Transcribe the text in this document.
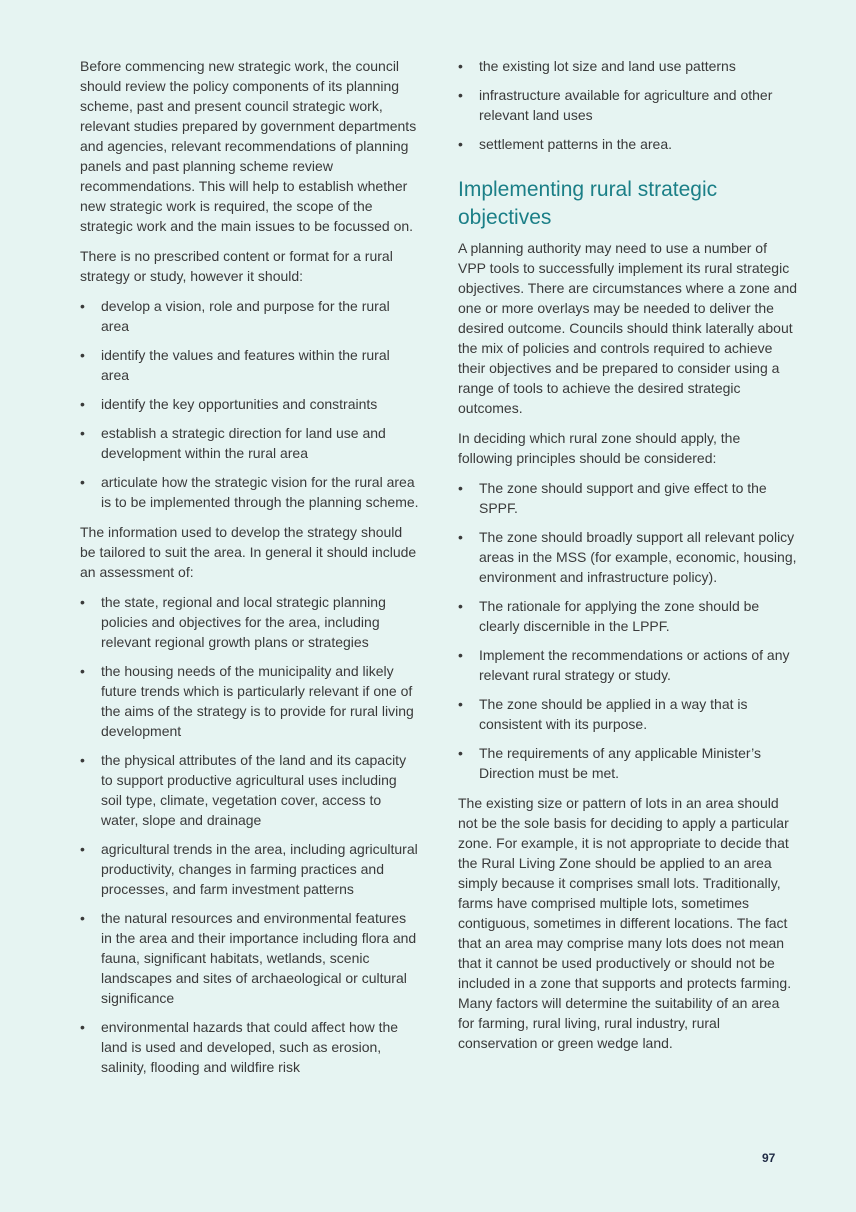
Before commencing new strategic work, the council should review the policy components of its planning scheme, past and present council strategic work, relevant studies prepared by government departments and agencies, relevant recommendations of planning panels and past planning scheme review recommendations. This will help to establish whether new strategic work is required, the scope of the strategic work and the main issues to be focussed on.

There is no prescribed content or format for a rural strategy or study, however it should:

• develop a vision, role and purpose for the rural area
• identify the values and features within the rural area
• identify the key opportunities and constraints
• establish a strategic direction for land use and development within the rural area
• articulate how the strategic vision for the rural area is to be implemented through the planning scheme.

The information used to develop the strategy should be tailored to suit the area. In general it should include an assessment of:

• the state, regional and local strategic planning policies and objectives for the area, including relevant regional growth plans or strategies
• the housing needs of the municipality and likely future trends which is particularly relevant if one of the aims of the strategy is to provide for rural living development
• the physical attributes of the land and its capacity to support productive agricultural uses including soil type, climate, vegetation cover, access to water, slope and drainage
• agricultural trends in the area, including agricultural productivity, changes in farming practices and processes, and farm investment patterns
• the natural resources and environmental features in the area and their importance including flora and fauna, significant habitats, wetlands, scenic landscapes and sites of archaeological or cultural significance
• environmental hazards that could affect how the land is used and developed, such as erosion, salinity, flooding and wildfire risk
• the existing lot size and land use patterns
• infrastructure available for agriculture and other relevant land uses
• settlement patterns in the area.
Implementing rural strategic objectives

A planning authority may need to use a number of VPP tools to successfully implement its rural strategic objectives. There are circumstances where a zone and one or more overlays may be needed to deliver the desired outcome. Councils should think laterally about the mix of policies and controls required to achieve their objectives and be prepared to consider using a range of tools to achieve the desired strategic outcomes.

In deciding which rural zone should apply, the following principles should be considered:

• The zone should support and give effect to the SPPF.
• The zone should broadly support all relevant policy areas in the MSS (for example, economic, housing, environment and infrastructure policy).
• The rationale for applying the zone should be clearly discernible in the LPPF.
• Implement the recommendations or actions of any relevant rural strategy or study.
• The zone should be applied in a way that is consistent with its purpose.
• The requirements of any applicable Minister’s Direction must be met.

The existing size or pattern of lots in an area should not be the sole basis for deciding to apply a particular zone. For example, it is not appropriate to decide that the Rural Living Zone should be applied to an area simply because it comprises small lots. Traditionally, farms have comprised multiple lots, sometimes contiguous, sometimes in different locations. The fact that an area may comprise many lots does not mean that it cannot be used productively or should not be included in a zone that supports and protects farming. Many factors will determine the suitability of an area for farming, rural living, rural industry, rural conservation or green wedge land.

97
